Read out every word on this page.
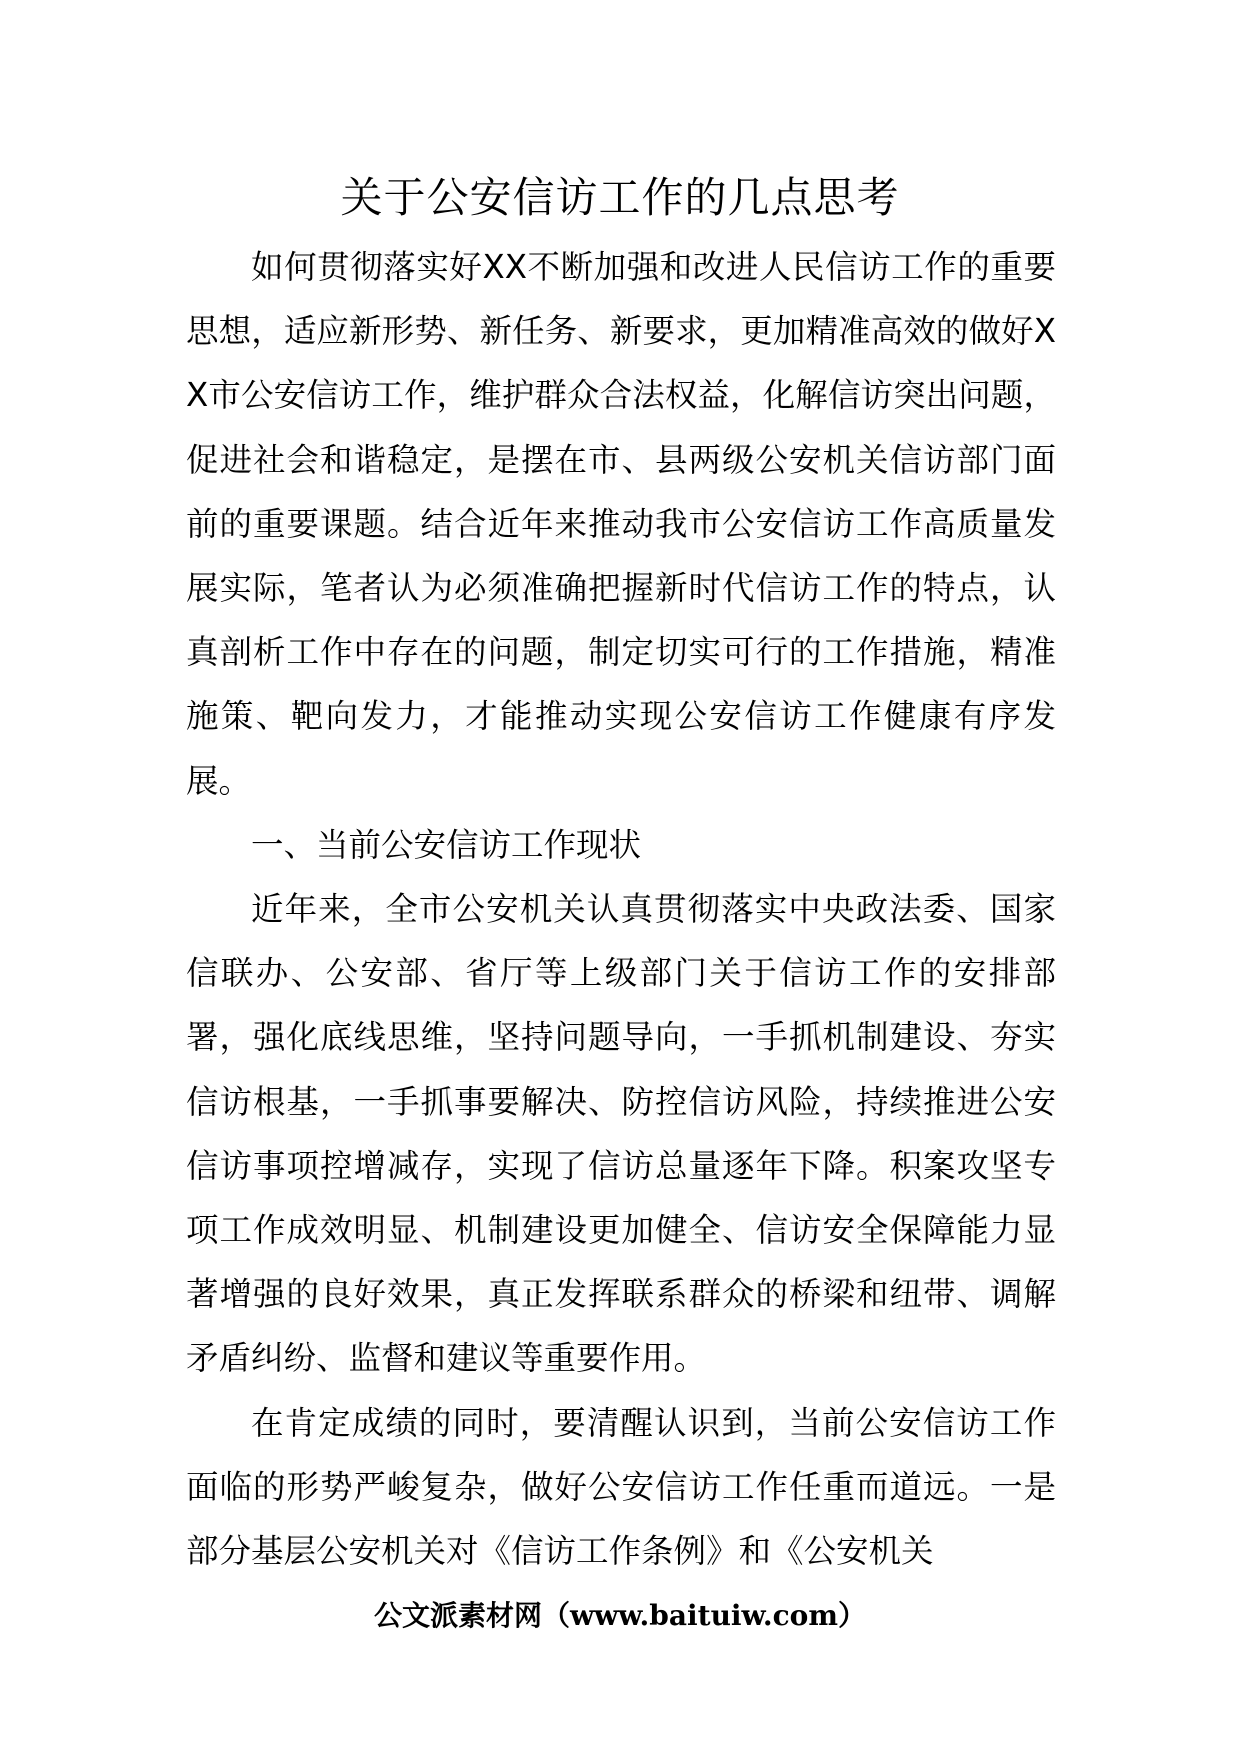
关于公安信访工作的几点思考

如何贯彻落实好XX不断加强和改进人民信访工作的重要思想，适应新形势、新任务、新要求，更加精准高效的做好XX市公安信访工作，维护群众合法权益，化解信访突出问题，促进社会和谐稳定，是摆在市、县两级公安机关信访部门面前的重要课题。结合近年来推动我市公安信访工作高质量发展实际，笔者认为必须准确把握新时代信访工作的特点，认真剖析工作中存在的问题，制定切实可行的工作措施，精准施策、靶向发力，才能推动实现公安信访工作健康有序发展。

一、当前公安信访工作现状

近年来，全市公安机关认真贯彻落实中央政法委、国家信联办、公安部、省厅等上级部门关于信访工作的安排部署，强化底线思维，坚持问题导向，一手抓机制建设、夯实信访根基，一手抓事要解决、防控信访风险，持续推进公安信访事项控增减存，实现了信访总量逐年下降。积案攻坚专项工作成效明显、机制建设更加健全、信访安全保障能力显著增强的良好效果，真正发挥联系群众的桥梁和纽带、调解矛盾纠纷、监督和建议等重要作用。

在肯定成绩的同时，要清醒认识到，当前公安信访工作面临的形势严峻复杂，做好公安信访工作任重而道远。一是部分基层公安机关对《信访工作条例》和《公安机关

公文派素材网（www.baituiw.com）
